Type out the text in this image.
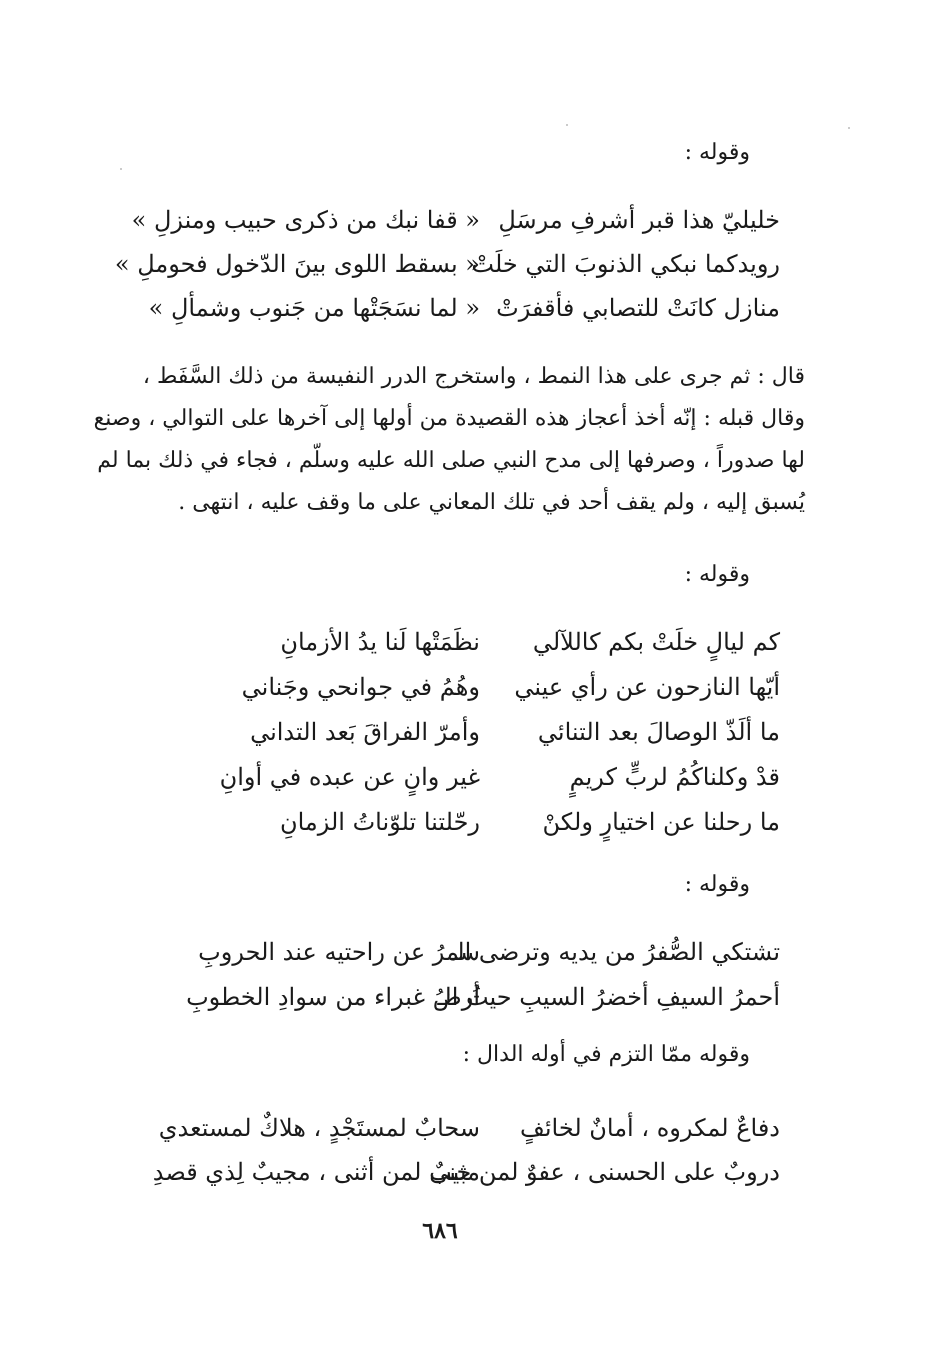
وقوله :
خليليّ هذا قبر أشرفِ مرسَلِ
« قفا نبك من ذكرى حبيب ومنزلِ »
رويدكما نبكي الذنوبَ التي خلَتْ
« بسقط اللوى بينَ الدّخول فحوملِ »
منازل كانَتْ للتصابي فأقفرَتْ
« لما نسَجَتْها من جَنوب وشمألِ »
قال : ثم جرى على هذا النمط ، واستخرج الدرر النفيسة من ذلك السَّفَط ،
وقال قبله : إنّه أخذ أعجاز هذه القصيدة من أولها إلى آخرها على التوالي ، وصنع
لها صدوراً ، وصرفها إلى مدح النبي صلى الله عليه وسلّم ، فجاء في ذلك بما لم
يُسبق إليه ، ولم يقف أحد في تلك المعاني على ما وقف عليه ، انتهى .
وقوله :
كم ليالٍ خلَتْ بكم كاللآلي
نظَمَتْها لَنا يدُ الأزمانِ
أيّها النازحون عن رأي عيني
وهُمُ في جوانحي وجَناني
ما ألَذّ الوصالَ بعد التنائي
وأمرّ الفراقَ بَعد التداني
قدْ وكلناكُمُ لربٍّ كريمٍ
غير وانٍ عن عبده في أوانِ
ما رحلنا عن اختيارٍ ولكنْ
رحّلتنا تلوّناتُ الزمانِ
وقوله :
تشتكي الصُّفرُ من يديه وترضى الـ
سمرُ عن راحتيه عند الحروبِ
أحمرُ السيفِ أخضرُ السيبِ حيثُ الـ
أرضُ غبراء من سوادِ الخطوبِ
وقوله ممّا التزم في أوله الدال :
دفاعٌ لمكروه ، أمانٌ لخائفٍ
سحابٌ لمستَجْدٍ ، هلاكٌ لمستعدي
دروبٌ على الحسنى ، عفوٌ لمن جنى
مثيبٌ لمن أثنى ، مجيبٌ لِذي قصدِ
٦٨٦
